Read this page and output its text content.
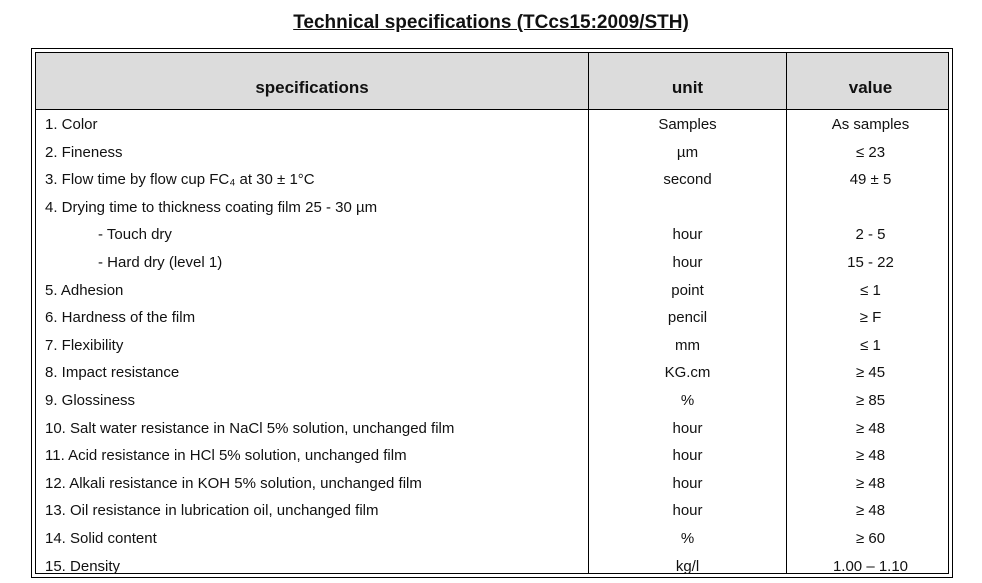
Technical specifications (TCcs15:2009/STH)
specifications	unit	value
1. Color	Samples	As samples
2. Fineness	µm	≤ 23
3. Flow time by flow cup FC₄ at 30 ± 1°C	second	49 ± 5
4. Drying time to thickness coating film 25 - 30 µm
- Touch dry	hour	2 - 5
- Hard dry (level 1)	hour	15 - 22
5. Adhesion	point	≤ 1
6. Hardness of the film	pencil	≥ F
7. Flexibility	mm	≤ 1
8. Impact resistance	KG.cm	≥ 45
9. Glossiness	%	≥ 85
10. Salt water resistance in NaCl 5% solution, unchanged film	hour	≥ 48
11. Acid resistance in HCl 5% solution, unchanged film	hour	≥ 48
12. Alkali resistance in KOH 5% solution, unchanged film	hour	≥ 48
13. Oil resistance in lubrication oil, unchanged film	hour	≥ 48
14. Solid content	%	≥ 60
15. Density	kg/l	1.00 – 1.10
